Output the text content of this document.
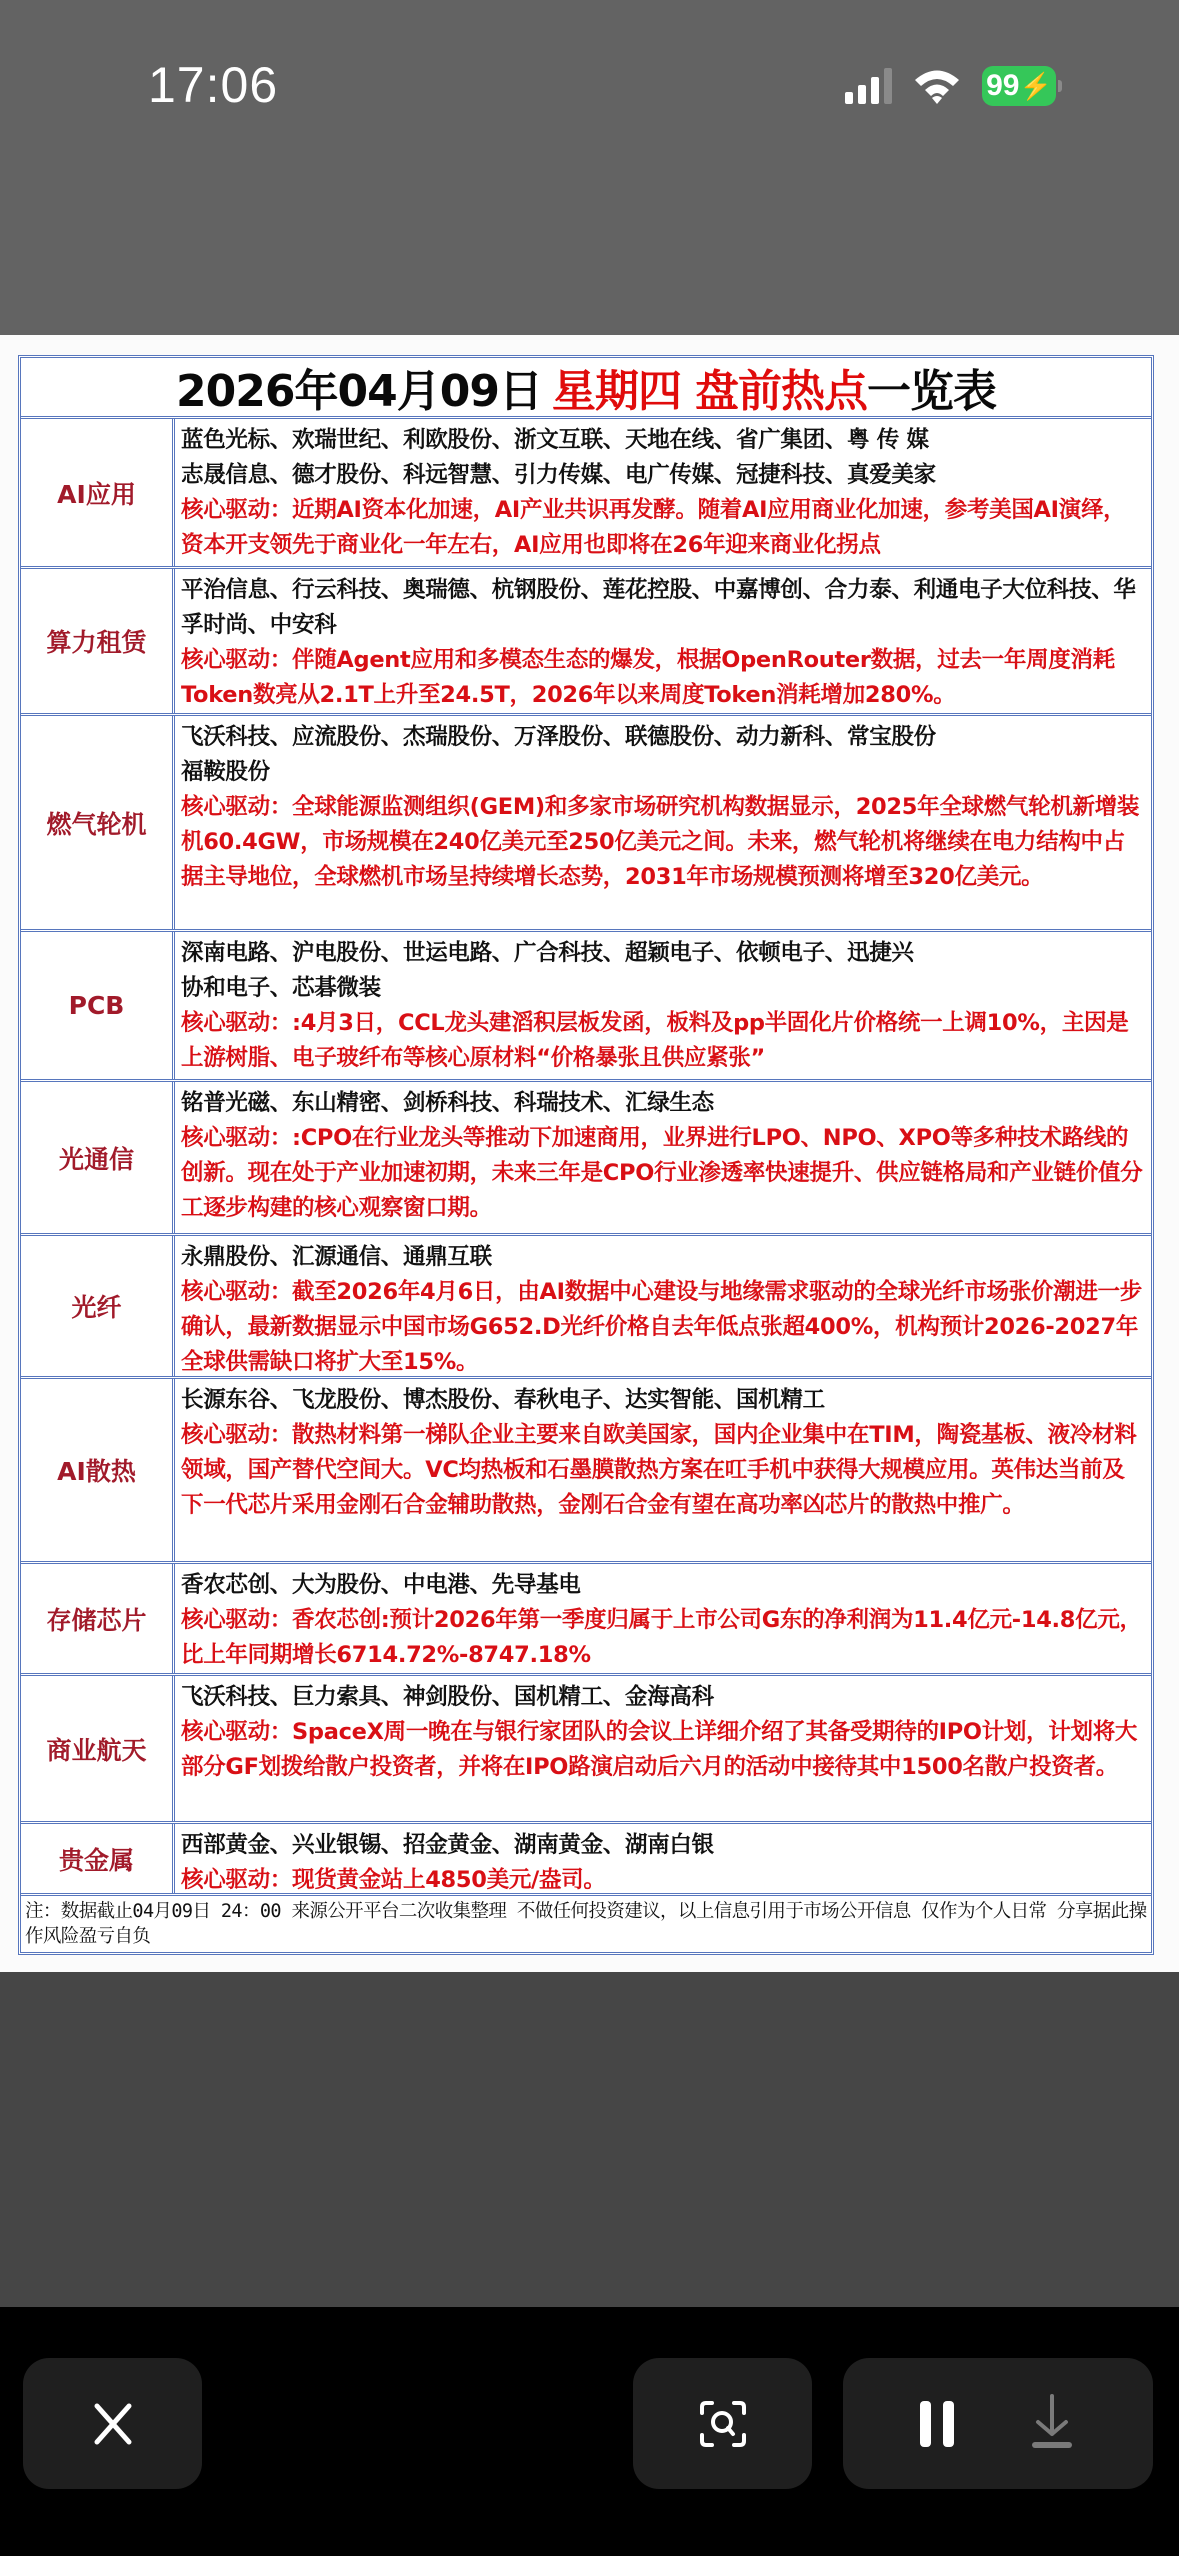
17:06	99 ⚡
2026年04月09日 星期四 盘前热点 一览表
AI应用
蓝色光标、欢瑞世纪、利欧股份、浙文互联、天地在线、省广集团、粤 传 媒
志晟信息、德才股份、科远智慧、引力传媒、电广传媒、冠捷科技、真爱美家
核心驱动：近期AI资本化加速，AI产业共识再发酵。随着AI应用商业化加速，参考美国AI演绎，资本开支领先于商业化一年左右，AI应用也即将在26年迎来商业化拐点
算力租赁
平治信息、行云科技、奥瑞德、杭钢股份、莲花控股、中嘉博创、合力泰、利通电子大位科技、华孚时尚、中安科
核心驱动：伴随Agent应用和多模态生态的爆发，根据OpenRouter数据，过去一年周度消耗Token数亮从2.1T上升至24.5T，2026年以来周度Token消耗增加280%。
燃气轮机
飞沃科技、应流股份、杰瑞股份、万泽股份、联德股份、动力新科、常宝股份
福鞍股份
核心驱动：全球能源监测组织(GEM)和多家市场研究机构数据显示，2025年全球燃气轮机新增装机60.4GW，市场规模在240亿美元至250亿美元之间。未来，燃气轮机将继续在电力结构中占据主导地位，全球燃机市场呈持续增长态势，2031年市场规模预测将增至320亿美元。
PCB
深南电路、沪电股份、世运电路、广合科技、超颖电子、依顿电子、迅捷兴
协和电子、芯碁微装
核心驱动：:4月3日，CCL龙头建滔积层板发函，板料及pp半固化片价格统一上调10%，主因是上游树脂、电子玻纤布等核心原材料“价格暴张且供应紧张”
光通信
铭普光磁、东山精密、剑桥科技、科瑞技术、汇绿生态
核心驱动：:CPO在行业龙头等推动下加速商用，业界进行LPO、NPO、XPO等多种技术路线的创新。现在处于产业加速初期，未来三年是CPO行业渗透率快速提升、供应链格局和产业链价值分工逐步构建的核心观察窗口期。
光纤
永鼎股份、汇源通信、通鼎互联
核心驱动：截至2026年4月6日，由AI数据中心建设与地缘需求驱动的全球光纤市场张价潮进一步确认，最新数据显示中国市场G652.D光纤价格自去年低点张超400%，机构预计2026-2027年全球供需缺口将扩大至15%。
AI散热
长源东谷、飞龙股份、博杰股份、春秋电子、达实智能、国机精工
核心驱动：散热材料第一梯队企业主要来自欧美国家，国内企业集中在TIM，陶瓷基板、液冷材料领域，国产替代空间大。VC均热板和石墨膜散热方案在叿手机中获得大规模应用。英伟达当前及下一代芯片采用金刚石合金辅助散热，金刚石合金有望在高功率凶芯片的散热中推广。
存储芯片
香农芯创、大为股份、中电港、先导基电
核心驱动：香农芯创:预计2026年第一季度归属于上市公司G东的净利润为11.4亿元-14.8亿元，比上年同期增长6714.72%-8747.18%
商业航天
飞沃科技、巨力索具、神剑股份、国机精工、金海高科
核心驱动：SpaceX周一晚在与银行家团队的会议上详细介绍了其备受期待的IPO计划，计划将大部分GF划拨给散户投资者，并将在IPO路演启动后六月的活动中接待其中1500名散户投资者。
贵金属
西部黄金、兴业银锡、招金黄金、湖南黄金、湖南白银
核心驱动：现货黄金站上4850美元/盎司。
注：数据截止04月09日 24：00 来源公开平台二次收集整理 不做任何投资建议，以上信息引用于市场公开信息 仅作为个人日常 分享据此操作风险盈亏自负
